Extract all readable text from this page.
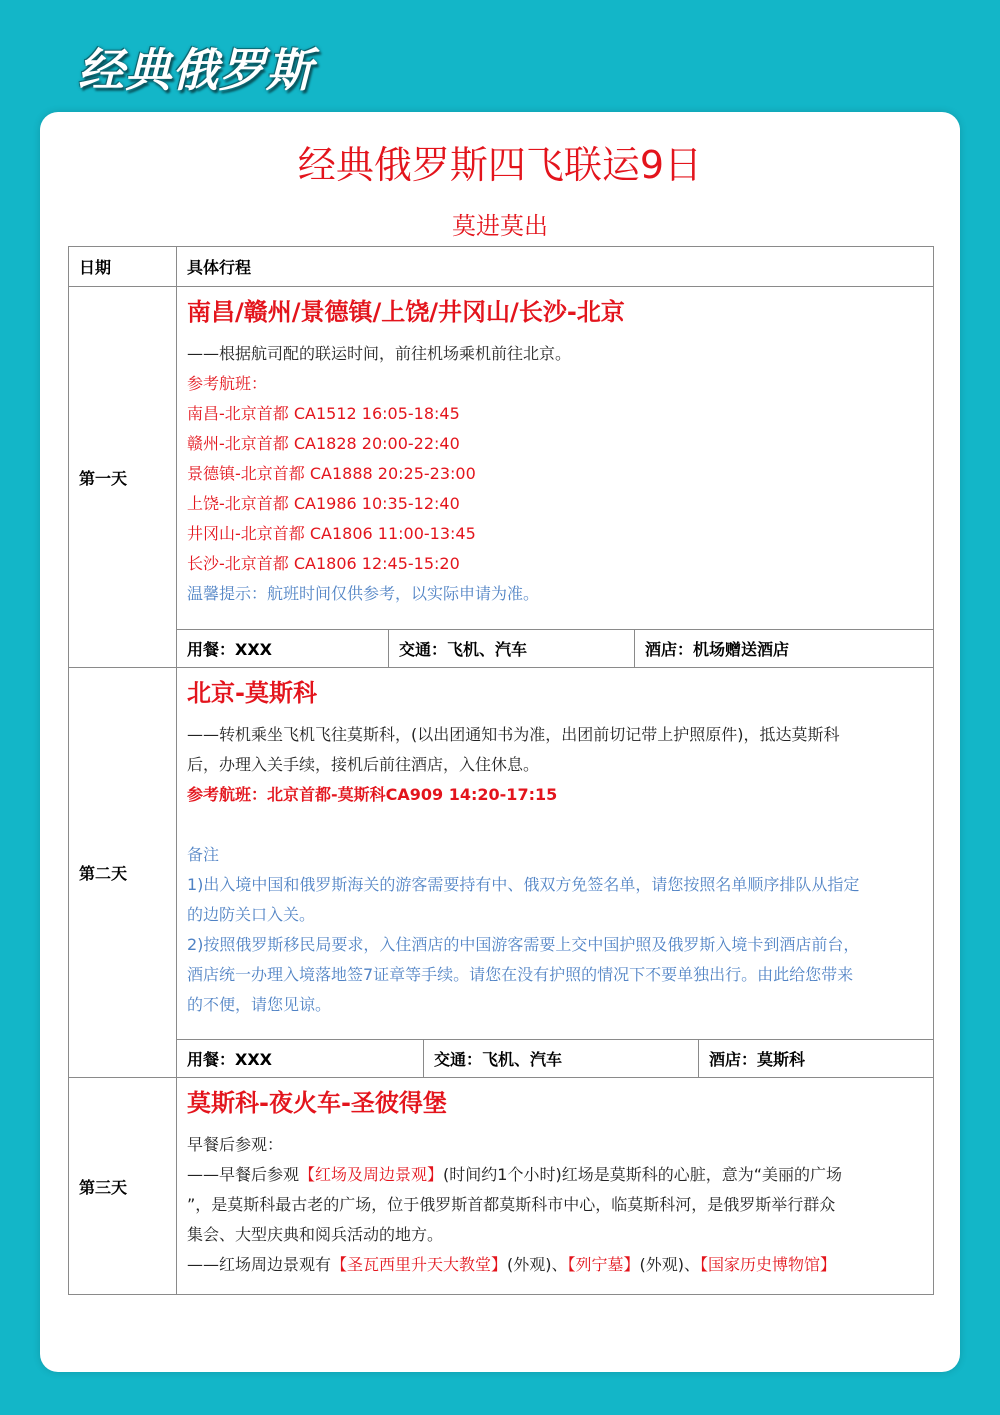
经典俄罗斯
经典俄罗斯四飞联运9日
莫进莫出
日期	具体行程
第一天
南昌/赣州/景德镇/上饶/井冈山/长沙-北京
——根据航司配的联运时间，前往机场乘机前往北京。
参考航班：
南昌-北京首都 CA1512 16:05-18:45
赣州-北京首都 CA1828 20:00-22:40
景德镇-北京首都 CA1888 20:25-23:00
上饶-北京首都 CA1986 10:35-12:40
井冈山-北京首都 CA1806 11:00-13:45
长沙-北京首都 CA1806 12:45-15:20
温馨提示：航班时间仅供参考，以实际申请为准。
用餐：XXX	交通：飞机、汽车	酒店：机场赠送酒店
第二天
北京-莫斯科
——转机乘坐飞机飞往莫斯科，(以出团通知书为准，出团前切记带上护照原件)，抵达莫斯科
后，办理入关手续，接机后前往酒店，入住休息。
参考航班：北京首都-莫斯科CA909 14:20-17:15
备注
1)出入境中国和俄罗斯海关的游客需要持有中、俄双方免签名单，请您按照名单顺序排队从指定
的边防关口入关。
2)按照俄罗斯移民局要求，入住酒店的中国游客需要上交中国护照及俄罗斯入境卡到酒店前台，
酒店统一办理入境落地签7证章等手续。请您在没有护照的情况下不要单独出行。由此给您带来
的不便，请您见谅。
用餐：XXX	交通：飞机、汽车	酒店：莫斯科
第三天
莫斯科-夜火车-圣彼得堡
早餐后参观：
——早餐后参观【红场及周边景观】(时间约1个小时)红场是莫斯科的心脏，意为“美丽的广场
”，是莫斯科最古老的广场，位于俄罗斯首都莫斯科市中心，临莫斯科河，是俄罗斯举行群众
集会、大型庆典和阅兵活动的地方。
——红场周边景观有【圣瓦西里升天大教堂】(外观)、【列宁墓】(外观)、【国家历史博物馆】
